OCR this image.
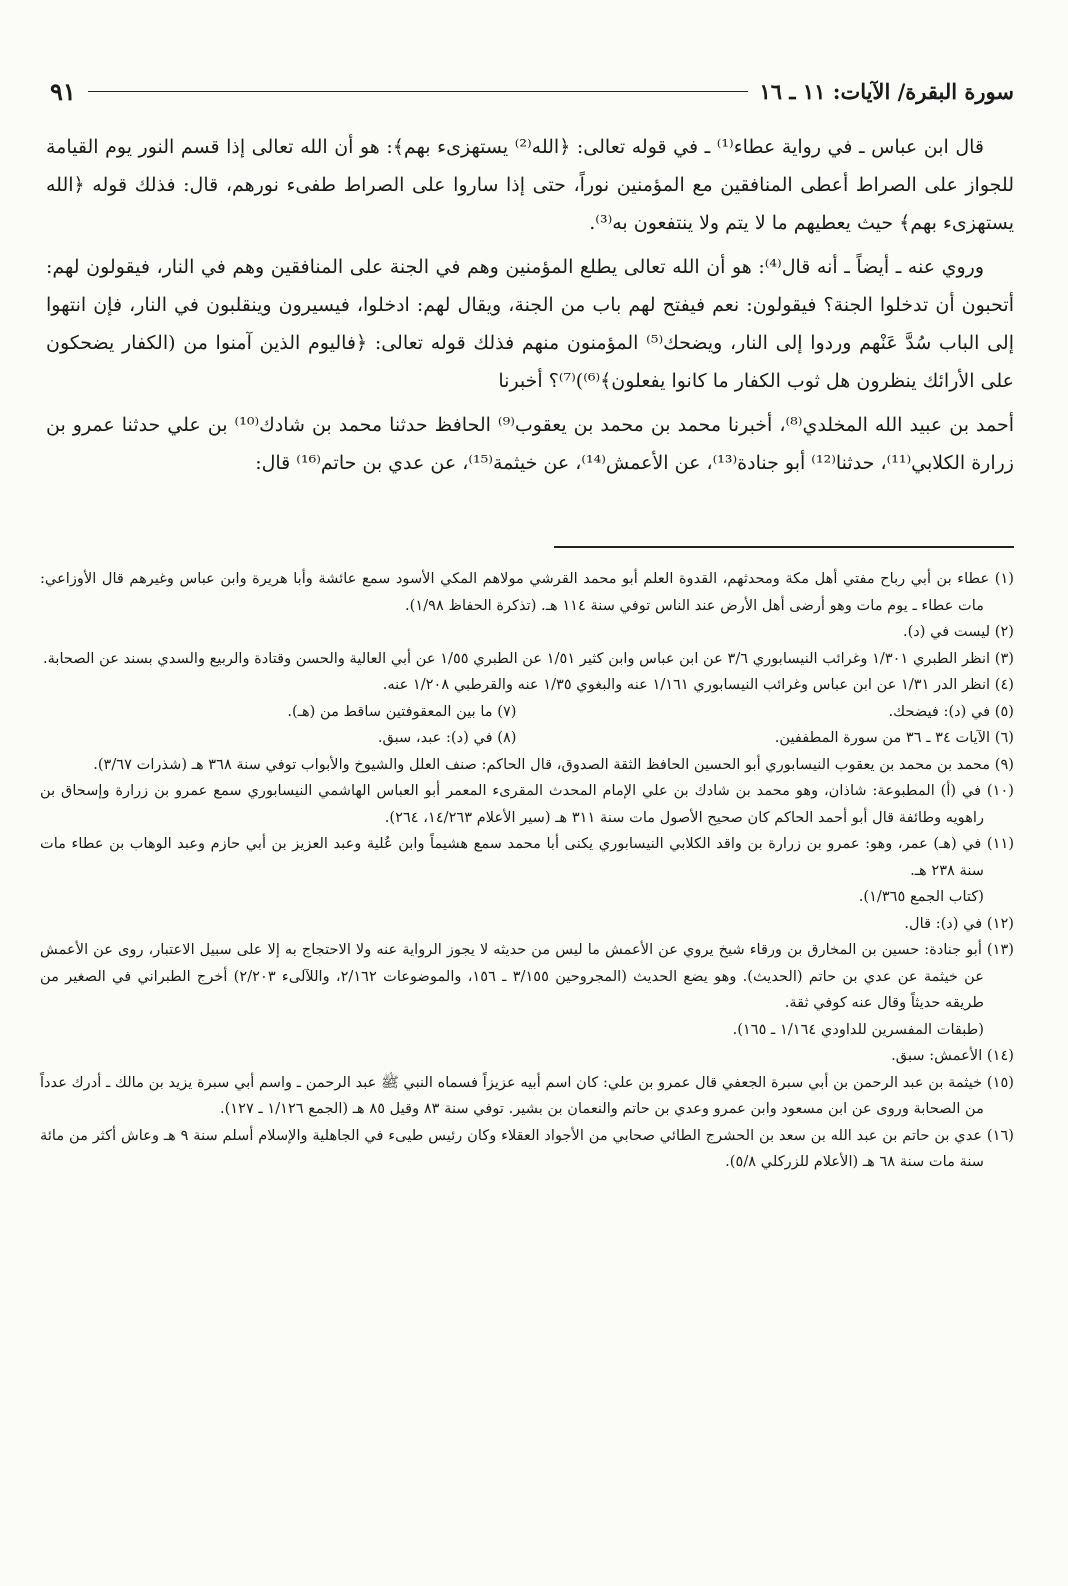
سورة البقرة/ الآيات: ١١ ـ ١٦
٩١

قال ابن عباس ـ في رواية عطاء⁽¹⁾ ـ في قوله تعالى: ﴿الله⁽²⁾ يستهزىء بهم﴾: هو أن الله تعالى إذا قسم النور يوم القيامة للجواز على الصراط أعطى المنافقين مع المؤمنين نوراً، حتى إذا ساروا على الصراط طفىء نورهم، قال: فذلك قوله ﴿الله يستهزىء بهم﴾ حيث يعطيهم ما لا يتم ولا ينتفعون به⁽³⁾.

وروي عنه ـ أيضاً ـ أنه قال⁽⁴⁾: هو أن الله تعالى يطلع المؤمنين وهم في الجنة على المنافقين وهم في النار، فيقولون لهم: أتحبون أن تدخلوا الجنة؟ فيقولون: نعم فيفتح لهم باب من الجنة، ويقال لهم: ادخلوا، فيسيرون وينقلبون في النار، فإن انتهوا إلى الباب سُدَّ عَنْهم وردوا إلى النار، ويضحك⁽⁵⁾ المؤمنون منهم فذلك قوله تعالى: ﴿فاليوم الذين آمنوا من (الكفار يضحكون على الأرائك ينظرون هل ثوب الكفار ما كانوا يفعلون﴾⁽⁶⁾)⁽⁷⁾؟ أخبرنا

أحمد بن عبيد الله المخلدي⁽⁸⁾، أخبرنا محمد بن محمد بن يعقوب⁽⁹⁾ الحافظ حدثنا محمد بن شادك⁽¹⁰⁾ بن علي حدثنا عمرو بن زرارة الكلابي⁽¹¹⁾، حدثنا⁽¹²⁾ أبو جنادة⁽¹³⁾، عن الأعمش⁽¹⁴⁾، عن خيثمة⁽¹⁵⁾، عن عدي بن حاتم⁽¹⁶⁾ قال:

(١) عطاء بن أبي رباح مفتي أهل مكة ومحدثهم، القدوة العلم أبو محمد القرشي مولاهم المكي الأسود سمع عائشة وأبا هريرة وابن عباس وغيرهم قال الأوزاعي: مات عطاء ـ يوم مات وهو أرضى أهل الأرض عند الناس توفي سنة ١١٤ هـ. (تذكرة الحفاظ ١/٩٨).

(٢) ليست في (د).

(٣) انظر الطبري ١/٣٠١ وغرائب النيسابوري ٣/٦ عن ابن عباس وابن كثير ١/٥١ عن الطبري ١/٥٥ عن أبي العالية والحسن وقتادة والربيع والسدي بسند عن الصحابة.

(٤) انظر الدر ١/٣١ عن ابن عباس وغرائب النيسابوري ١/١٦١ عنه والبغوي ١/٣٥ عنه والقرطبي ١/٢٠٨ عنه.

(٥) في (د): فيضحك.

(٧) ما بين المعقوفتين ساقط من (هـ).

(٦) الآيات ٣٤ ـ ٣٦ من سورة المطففين.

(٨) في (د): عبد، سبق.

(٩) محمد بن محمد بن يعقوب النيسابوري أبو الحسين الحافظ الثقة الصدوق، قال الحاكم: صنف العلل والشيوخ والأبواب توفي سنة ٣٦٨ هـ (شذرات ٣/٦٧).

(١٠) في (أ) المطبوعة: شاذان، وهو محمد بن شادك بن علي الإمام المحدث المقرىء المعمر أبو العباس الهاشمي النيسابوري سمع عمرو بن زرارة وإسحاق بن راهويه وطائفة قال أبو أحمد الحاكم كان صحيح الأصول مات سنة ٣١١ هـ (سير الأعلام ١٤/٢٦٣، ٢٦٤).

(١١) في (هـ) عمر، وهو: عمرو بن زرارة بن واقد الكلابي النيسابوري يكنى أبا محمد سمع هشيماً وابن عُلية وعبد العزيز بن أبي حازم وعبد الوهاب بن عطاء مات سنة ٢٣٨ هـ.

(كتاب الجمع ١/٣٦٥).

(١٢) في (د): قال.

(١٣) أبو جنادة: حسين بن المخارق بن ورقاء شيخ يروي عن الأعمش ما ليس من حديثه لا يجوز الرواية عنه ولا الاحتجاج به إلا على سبيل الاعتبار، روى عن الأعمش عن خيثمة عن عدي بن حاتم (الحديث). وهو يضع الحديث (المجروحين ٣/١٥٥ ـ ١٥٦، والموضوعات ٢/١٦٢، واللآلىء ٢/٢٠٣) أخرج الطبراني في الصغير من طريقه حديثاً وقال عنه كوفي ثقة.

(طبقات المفسرين للداودي ١/١٦٤ ـ ١٦٥).

(١٤) الأعمش: سبق.

(١٥) خيثمة بن عبد الرحمن بن أبي سبرة الجعفي قال عمرو بن علي: كان اسم أبيه عزيزاً فسماه النبي ﷺ عبد الرحمن ـ واسم أبي سبرة يزيد بن مالك ـ أدرك عدداً من الصحابة وروى عن ابن مسعود وابن عمرو وعدي بن حاتم والنعمان بن بشير. توفي سنة ٨٣ وقيل ٨٥ هـ (الجمع ١/١٢٦ ـ ١٢٧).

(١٦) عدي بن حاتم بن عبد الله بن سعد بن الحشرج الطائي صحابي من الأجواد العقلاء وكان رئيس طيىء في الجاهلية والإسلام أسلم سنة ٩ هـ وعاش أكثر من مائة سنة مات سنة ٦٨ هـ (الأعلام للزركلي ٥/٨).
